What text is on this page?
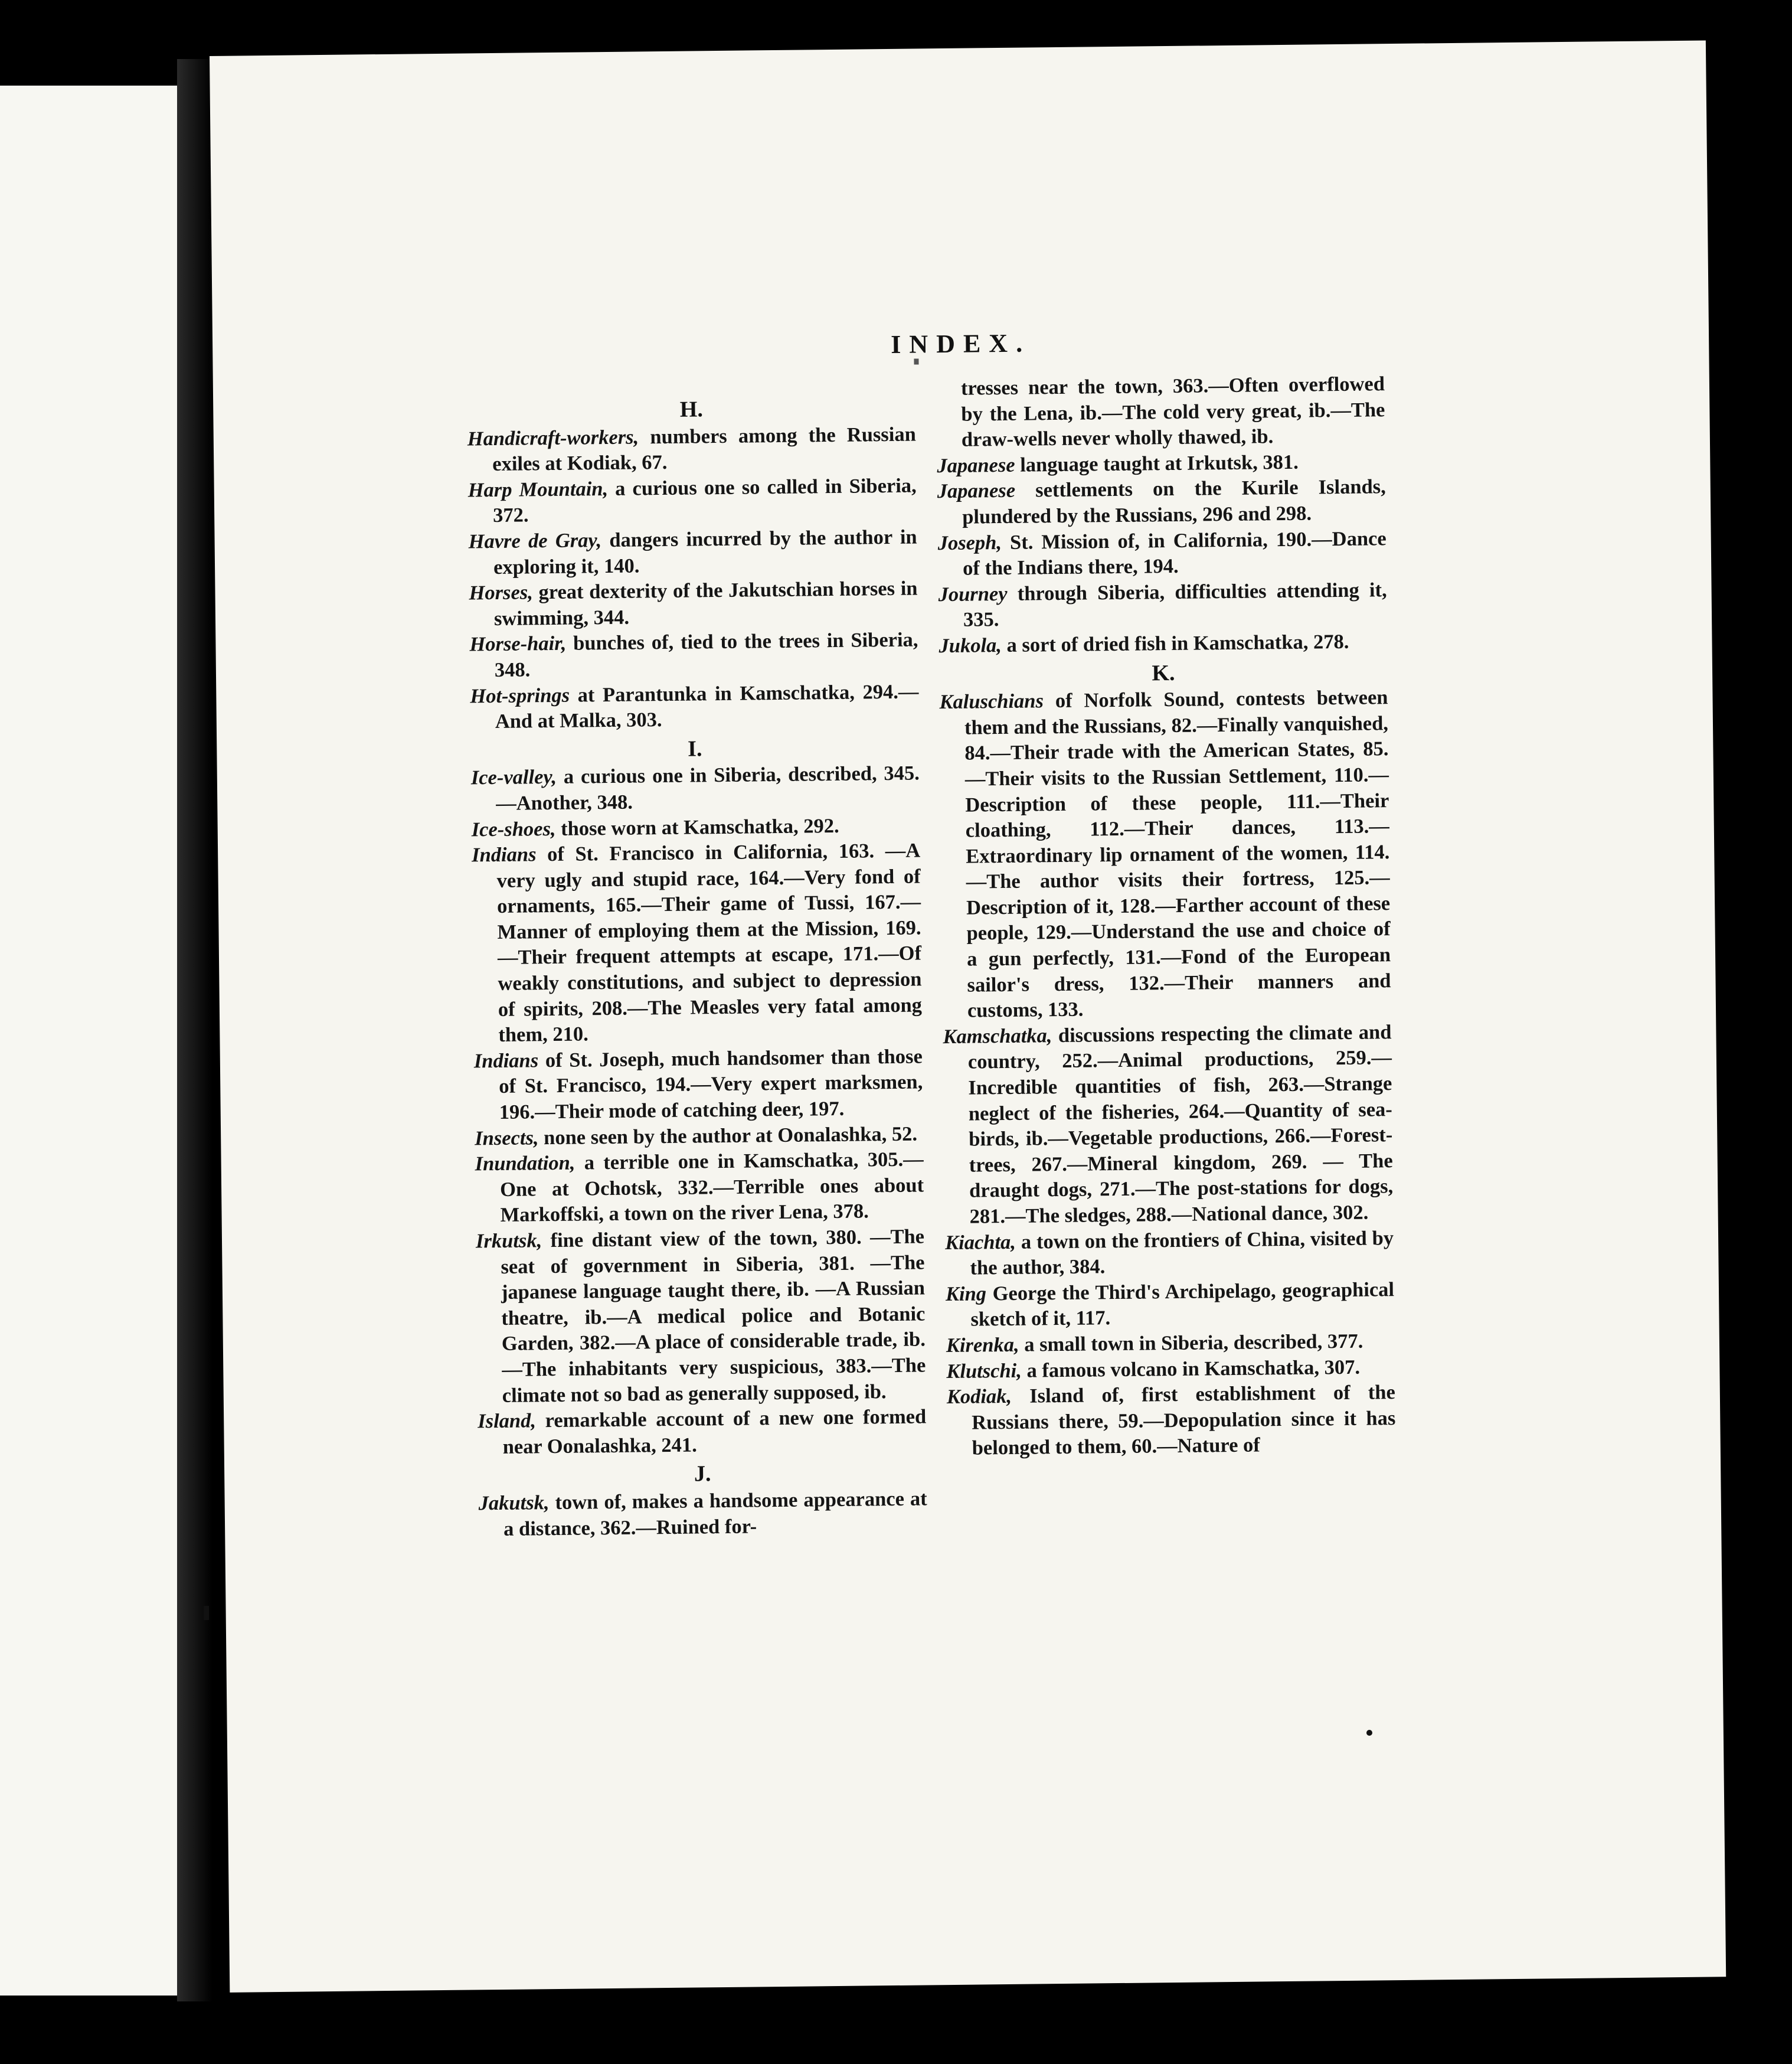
INDEX.
H.

Handicraft-workers, numbers among the Russian exiles at Kodiak, 67.

Harp Mountain, a curious one so called in Siberia, 372.

Havre de Gray, dangers incurred by the author in exploring it, 140.

Horses, great dexterity of the Jakutschian horses in swimming, 344.

Horse-hair, bunches of, tied to the trees in Siberia, 348.

Hot-springs at Parantunka in Kamschatka, 294.—And at Malka, 303.

I.

Ice-valley, a curious one in Siberia, described, 345.—Another, 348.

Ice-shoes, those worn at Kamschatka, 292.

Indians of St. Francisco in California, 163. —A very ugly and stupid race, 164.—Very fond of ornaments, 165.—Their game of Tussi, 167.—Manner of employing them at the Mission, 169.—Their frequent attempts at escape, 171.—Of weakly constitutions, and subject to depression of spirits, 208.—The Measles very fatal among them, 210.

Indians of St. Joseph, much handsomer than those of St. Francisco, 194.—Very expert marksmen, 196.—Their mode of catching deer, 197.

Insects, none seen by the author at Oonalashka, 52.

Inundation, a terrible one in Kamschatka, 305.—One at Ochotsk, 332.—Terrible ones about Markoffski, a town on the river Lena, 378.

Irkutsk, fine distant view of the town, 380. —The seat of government in Siberia, 381. —The japanese language taught there, ib. —A Russian theatre, ib.—A medical police and Botanic Garden, 382.—A place of considerable trade, ib.—The inhabitants very suspicious, 383.—The climate not so bad as generally supposed, ib.

Island, remarkable account of a new one formed near Oonalashka, 241.

J.

Jakutsk, town of, makes a handsome appearance at a distance, 362.—Ruined for-

tresses near the town, 363.—Often overflowed by the Lena, ib.—The cold very great, ib.—The draw-wells never wholly thawed, ib.

Japanese language taught at Irkutsk, 381.

Japanese settlements on the Kurile Islands, plundered by the Russians, 296 and 298.

Joseph, St. Mission of, in California, 190.—Dance of the Indians there, 194.

Journey through Siberia, difficulties attending it, 335.

Jukola, a sort of dried fish in Kamschatka, 278.

K.

Kaluschians of Norfolk Sound, contests between them and the Russians, 82.—Finally vanquished, 84.—Their trade with the American States, 85.—Their visits to the Russian Settlement, 110.—Description of these people, 111.—Their cloathing, 112.—Their dances, 113.—Extraordinary lip ornament of the women, 114.—The author visits their fortress, 125.—Description of it, 128.—Farther account of these people, 129.—Understand the use and choice of a gun perfectly, 131.—Fond of the European sailor's dress, 132.—Their manners and customs, 133.

Kamschatka, discussions respecting the climate and country, 252.—Animal productions, 259.—Incredible quantities of fish, 263.—Strange neglect of the fisheries, 264.—Quantity of sea-birds, ib.—Vegetable productions, 266.—Forest-trees, 267.—Mineral kingdom, 269. — The draught dogs, 271.—The post-stations for dogs, 281.—The sledges, 288.—National dance, 302.

Kiachta, a town on the frontiers of China, visited by the author, 384.

King George the Third's Archipelago, geographical sketch of it, 117.

Kirenka, a small town in Siberia, described, 377.

Klutschi, a famous volcano in Kamschatka, 307.

Kodiak, Island of, first establishment of the Russians there, 59.—Depopulation since it has belonged to them, 60.—Nature of
